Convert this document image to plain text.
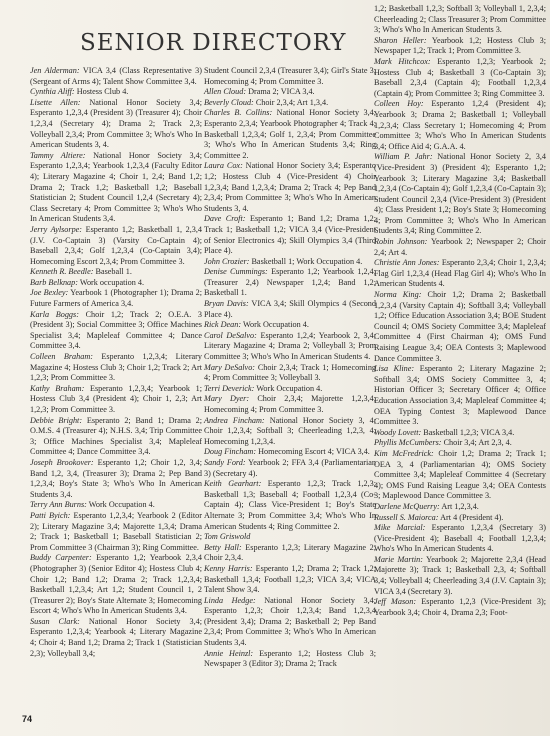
SENIOR DIRECTORY

Jen Alderman: VICA 3,4 (Class Representative 3) (Sergeant of Arms 4); Talent Show Committee 3,4.

Cynthia Aliff: Hostess Club 4.

Lisette Allen: National Honor Society 3,4; Esperanto 1,2,3,4 (President 3) (Treasurer 4); Choir 1,2,3,4 (Secretary 4); Drama 2; Track 2,3; Volleyball 2,3,4; Prom Committee 3; Who's Who In American Students 3, 4.

Tammy Altiere: National Honor Society 3,4; Esperanto 1,2,3,4; Yearbook 1,2,3,4 (Faculty Editor 4); Literary Magazine 4; Choir 1, 2,4; Band 1,2; Drama 2; Track 1,2; Basketball 1,2; Baseball Statistician 2; Student Council 1,2,4 (Secretary 4); Class Secretary 4; Prom Committee 3; Who's Who In American Students 3,4.

Jerry Aylsorpe: Esperanto 1,2; Basketball 1, 2,3,4 (J.V. Co-Captain 3) (Varsity Co-Captain 4); Baseball 2,3,4; Golf 1,2,3,4 (Co-Captain 3,4); Homecoming Escort 2,3,4; Prom Committee 3.

Kenneth R. Beedle: Baseball 1.

Barb Belknap: Work occupation 4.

Joe Bexley: Yearbook 1 (Photographer 1); Drama 2; Future Farmers of America 3,4.

Karla Boggs: Choir 1,2; Track 2; O.E.A. 3 (President 3); Social Committee 3; Office Machines Specialist 3,4; Mapleleaf Committee 4; Dance Committee 3,4.

Colleen Braham: Esperanto 1,2,3,4; Literary Magazine 4; Hostess Club 3; Choir 1,2; Track 2; Art 1,2,3; Prom Committee 3.

Kathy Braham: Esperanto 1,2,3,4; Yearbook 1; Hostess Club 3,4 (President 4); Choir 1, 2,3; Art 1,2,3; Prom Committee 3.

Debbie Bright: Esperanto 2; Band 1; Drama 2; O.M.S. 4 (Treasurer 4); N.H.S. 3,4; Trip Committee 3; Office Machines Specialist 3,4; Mapleleaf Committee 4; Dance Committee 3,4.

Joseph Brookover: Esperanto 1,2; Choir 1,2, 3,4; Band 1,2, 3,4, (Treasurer 3); Drama 2; Pep Band 1,2,3,4; Boy's State 3; Who's Who In American Students 3,4.

Terry Ann Burns: Work Occupation 4.

Patti Byich: Esperanto 1,2,3,4; Yearbook 2 (Editor 2); Literary Magazine 3,4; Majorette 1,3,4; Drama 2; Track 1; Basketball 1; Baseball Statistician 2; Prom Committee 3 (Chairman 3); Ring Committee.

Buddy Carpenter: Esperanto 1,2; Yearbook 2,3,4 (Photographer 3) (Senior Editor 4); Hostess Club 4; Choir 1,2; Band 1,2; Drama 2; Track 1,2,3,4; Basketball 1,2,3,4; Art 1,2; Student Council 1, 2 (Treasurer 2); Boy's State Alternate 3; Homecoming Escort 4; Who's Who In American Students 3,4.

Susan Clark: National Honor Society 3,4; Esperanto 1,2,3,4; Yearbook 4; Literary Magazine 4; Choir 4; Band 1,2; Drama 2; Track 1 (Statistician 2,3); Volleyball 3,4;

Student Council 2,3,4 (Treasurer 3,4); Girl's State 3; Homecoming 4; Prom Committee 3.

Allen Cloud: Drama 2; VICA 3,4.

Beverly Cloud: Choir 2,3,4; Art 1,3,4.

Charles B. Collins: National Honor Society 3,4; Esperanto 2,3,4; Yearbook Photographer 4; Track 4; Basketball 1,2,3,4; Golf 1, 2,3,4; Prom Committee 3; Who's Who In American Students 3,4; Ring Committee 2.

Laura Cox: National Honor Society 3,4; Esperanto 1,2; Hostess Club 4 (Vice-President 4) Choir 1,2,3,4; Band 1,2,3,4; Drama 2; Track 4; Pep Band 2,3,4; Prom Committee 3; Who's Who In American Students 3, 4.

Dave Croft: Esperanto 1; Band 1,2; Drama 1,2; Track 1; Basketball 1,2; VICA 3,4 (Vice-President of Senior Electronics 4); Skill Olympics 3,4 (Third Place 4).

John Crozier: Basketball 1; Work Occupation 4.

Denise Cummings: Esperanto 1,2; Yearbook 1,2,4; (Treasurer 2,4) Newspaper 1,2,4; Band 1,2; Basketball 1.

Bryan Davis: VICA 3,4; Skill Olympics 4 (Second Place 4).

Rick Dean: Work Occupation 4.

Carol DeSalvo: Esperanto 1,2,4; Yearbook 2, 3,4; Literary Magazine 4; Drama 2; Volleyball 3; Prom Committee 3; Who's Who In American Students 4.

Mary DeSalvo: Choir 2,3,4; Track 1; Homecoming 4; Prom Committee 3; Volleyball 3.

Terri Deverick: Work Occupation 4.

Mary Dyer: Choir 2,3,4; Majorette 1,2,3,4; Homecoming 4; Prom Committee 3.

Andrea Fincham: National Honor Society 3, 4; Choir 1,2,3,4; Softball 3; Cheerleading 1,2,3, 4; Homecoming 1,2,3,4.

Doug Fincham: Homecoming Escort 4; VICA 3,4.

Sandy Ford: Yearbook 2; FFA 3,4 (Parliamentarian 3) (Secretary 4).

Keith Gearhart: Esperanto 1,2,3; Track 1,2,3; Basketball 1,3; Baseball 4; Football 1,2,3,4 (Co-Captain 4); Class Vice-President 1; Boy's State Alternate 3; Prom Committee 3,4; Who's Who In American Students 4; Ring Committee 2.

Tom Griswold

Betty Hall: Esperanto 1,2,3; Literary Magazine 2; Choir 2,3,4.

Kenny Harris: Esperanto 1,2; Drama 2; Track 1,2; Basketball 1,3,4; Football 1,2,3; VICA 3,4; VICA Talent Show 3,4.

Linda Hedge: National Honor Society 3,4; Esperanto 1,2,3; Choir 1,2,3,4; Band 1,2,3,4 (President 3,4); Drama 2; Basketball 2; Pep Band 2,3,4; Prom Committee 3; Who's Who In American Students 3,4.

Annie Heinzl: Esperanto 1,2; Hostess Club 3; Newspaper 3 (Editor 3); Drama 2; Track

1,2; Basketball 1,2,3; Softball 3; Volleyball 1, 2,3,4; Cheerleading 2; Class Treasurer 3; Prom Committee 3; Who's Who In American Students 3.

Sharon Heller: Yearbook 1,2; Hostess Club 3; Newspaper 1,2; Track 1; Prom Committee 3.

Mark Hitchcox: Esperanto 1,2,3; Yearbook 2; Hostess Club 4; Basketball 3 (Co-Captain 3); Baseball 2,3,4 (Captain 4); Football 1,2,3,4 (Captain 4); Prom Committee 3; Ring Committee 3.

Colleen Hoy: Esperanto 1,2,4 (President 4); Yearbook 3; Drama 2; Basketball 1; Volleyball 1,2,3,4; Class Secretary 1; Homecoming 4; Prom Committee 3; Who's Who In American Students 3,4; Office Aid 4; G.A.A. 4.

William P. Jahr: National Honor Society 2, 3,4 (Vice-President 3) (President 4); Esperanto 1,2; Yearbook 3; Literary Magazine 3,4; Basketball 1,2,3,4 (Co-Captain 4); Golf 1,2,3,4 (Co-Captain 3); Student Council 2,3,4 (Vice-President 3) (President 4); Class President 1,2; Boy's State 3; Homecoming 4; Prom Committee 3; Who's Who In American Students 3,4; Ring Committee 2.

Robin Johnson: Yearbook 2; Newspaper 2; Choir 2,4; Art 4.

Christie Ann Jones: Esperanto 2,3,4; Choir 1, 2,3,4; Flag Girl 1,2,3,4 (Head Flag Girl 4); Who's Who In American Students 4.

Norma King: Choir 1,2; Drama 2; Basketball 1,2,3,4 (Varsity Captain 4); Softball 3,4; Volleyball 1,2; Office Education Association 3,4; BOE Student Council 4; OMS Society Committee 3,4; Mapleleaf Committee 4 (First Chairman 4); OMS Fund Raising League 3,4; OEA Contests 3; Maplewood Dance Committee 3.

Lisa Kline: Esperanto 2; Literary Magazine 2; Softball 3,4; OMS Society Committee 3, 4; Historian Officer 3; Secretary Officer 4; Office Education Association 3,4; Mapleleaf Committee 4; OEA Typing Contest 3; Maplewood Dance Committee 3.

Woody Lovett: Basketball 1,2,3; VICA 3,4.

Phyllis McCumbers: Choir 3,4; Art 2,3, 4.

Kim McFredrick: Choir 1,2; Drama 2; Track 1; OEA 3, 4 (Parliamentarian 4); OMS Society Committee 3,4; Mapleleaf Committee 4 (Secretary 4); OMS Fund Raising League 3,4; OEA Contests 3; Maplewood Dance Committee 3.

Darlene McQuerry: Art 1,2,3,4.

Russell S. Maiorca: Art 4 (President 4).

Mike Marcial: Esperanto 1,2,3,4 (Secretary 3) (Vice-President 4); Baseball 4; Football 1,2,3,4; Who's Who In American Students 4.

Marie Martin: Yearbook 2; Majorette 2,3,4 (Head Majorette 3); Track 1; Basketball 2,3, 4; Softball 3,4; Volleyball 4; Cheerleading 3,4 (J.V. Captain 3); VICA 3,4 (Secretary 3).

Jeff Mason: Esperanto 1,2,3 (Vice-President 3); Yearbook 3,4; Choir 4, Drama 2,3; Foot-

74
